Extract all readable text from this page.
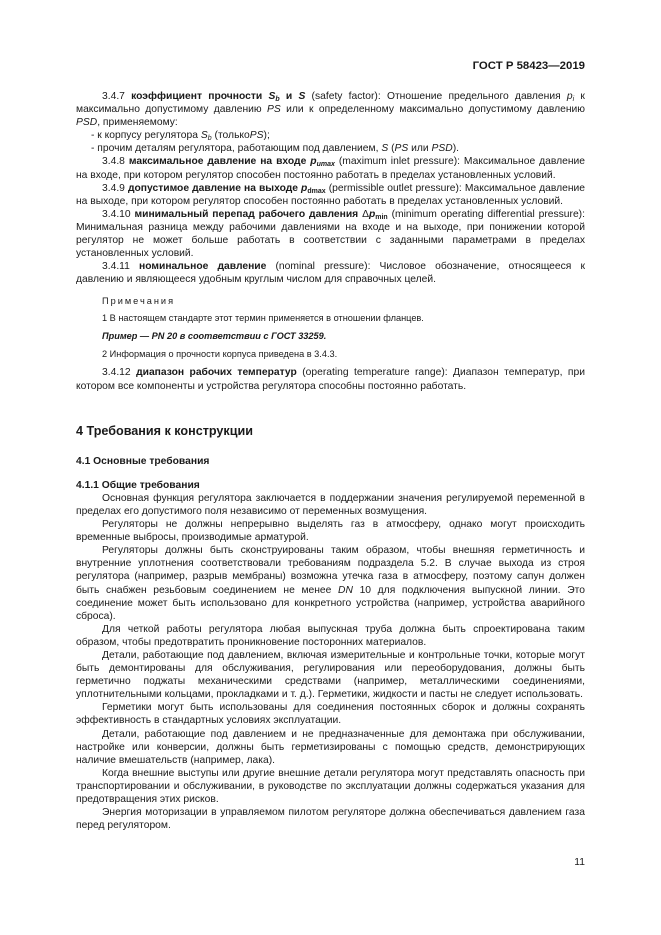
ГОСТ Р 58423—2019

3.4.7 коэффициент прочности $S_b$ и S (safety factor): Отношение предельного давления $p_i$ к максимально допустимому давлению PS или к определенному максимально допустимому давлению PSD, применяемому:

- к корпусу регулятора $S_b$ (толькоPS);

- прочим деталям регулятора, работающим под давлением, S (PS или PSD).

3.4.8 максимальное давление на входе $p_{umax}$ (maximum inlet pressure): Максимальное давление на входе, при котором регулятор способен постоянно работать в пределах установленных условий.

3.4.9 допустимое давление на выходе $p_{dmax}$ (permissible outlet pressure): Максимальное давление на выходе, при котором регулятор способен постоянно работать в пределах установленных условий.

3.4.10 минимальный перепад рабочего давления $\Delta p_{min}$ (minimum operating differential pressure): Минимальная разница между рабочими давлениями на входе и на выходе, при понижении которой регулятор не может больше работать в соответствии с заданными параметрами в пределах установленных условий.

3.4.11 номинальное давление (nominal pressure): Числовое обозначение, относящееся к давлению и являющееся удобным круглым числом для справочных целей.

Примечания

1 В настоящем стандарте этот термин применяется в отношении фланцев.

Пример — PN 20 в соответствии с ГОСТ 33259.

2 Информация о прочности корпуса приведена в 3.4.3.

3.4.12 диапазон рабочих температур (operating temperature range): Диапазон температур, при котором все компоненты и устройства регулятора способны постоянно работать.

4 Требования к конструкции

4.1 Основные требования

4.1.1 Общие требования

Основная функция регулятора заключается в поддержании значения регулируемой переменной в пределах его допустимого поля независимо от переменных возмущения.

Регуляторы не должны непрерывно выделять газ в атмосферу, однако могут происходить временные выбросы, производимые арматурой.

Регуляторы должны быть сконструированы таким образом, чтобы внешняя герметичность и внутренние уплотнения соответствовали требованиям подраздела 5.2. В случае выхода из строя регулятора (например, разрыв мембраны) возможна утечка газа в атмосферу, поэтому сапун должен быть снабжен резьбовым соединением не менее DN 10 для подключения выпускной линии. Это соединение может быть использовано для конкретного устройства (например, устройства аварийного сброса).

Для четкой работы регулятора любая выпускная труба должна быть спроектирована таким образом, чтобы предотвратить проникновение посторонних материалов.

Детали, работающие под давлением, включая измерительные и контрольные точки, которые могут быть демонтированы для обслуживания, регулирования или переоборудования, должны быть герметично поджаты механическими средствами (например, металлическими соединениями, уплотнительными кольцами, прокладками и т. д.). Герметики, жидкости и пасты не следует использовать.

Герметики могут быть использованы для соединения постоянных сборок и должны сохранять эффективность в стандартных условиях эксплуатации.

Детали, работающие под давлением и не предназначенные для демонтажа при обслуживании, настройке или конверсии, должны быть герметизированы с помощью средств, демонстрирующих наличие вмешательств (например, лака).

Когда внешние выступы или другие внешние детали регулятора могут представлять опасность при транспортировании и обслуживании, в руководстве по эксплуатации должны содержаться указания для предотвращения этих рисков.

Энергия моторизации в управляемом пилотом регуляторе должна обеспечиваться давлением газа перед регулятором.

11
